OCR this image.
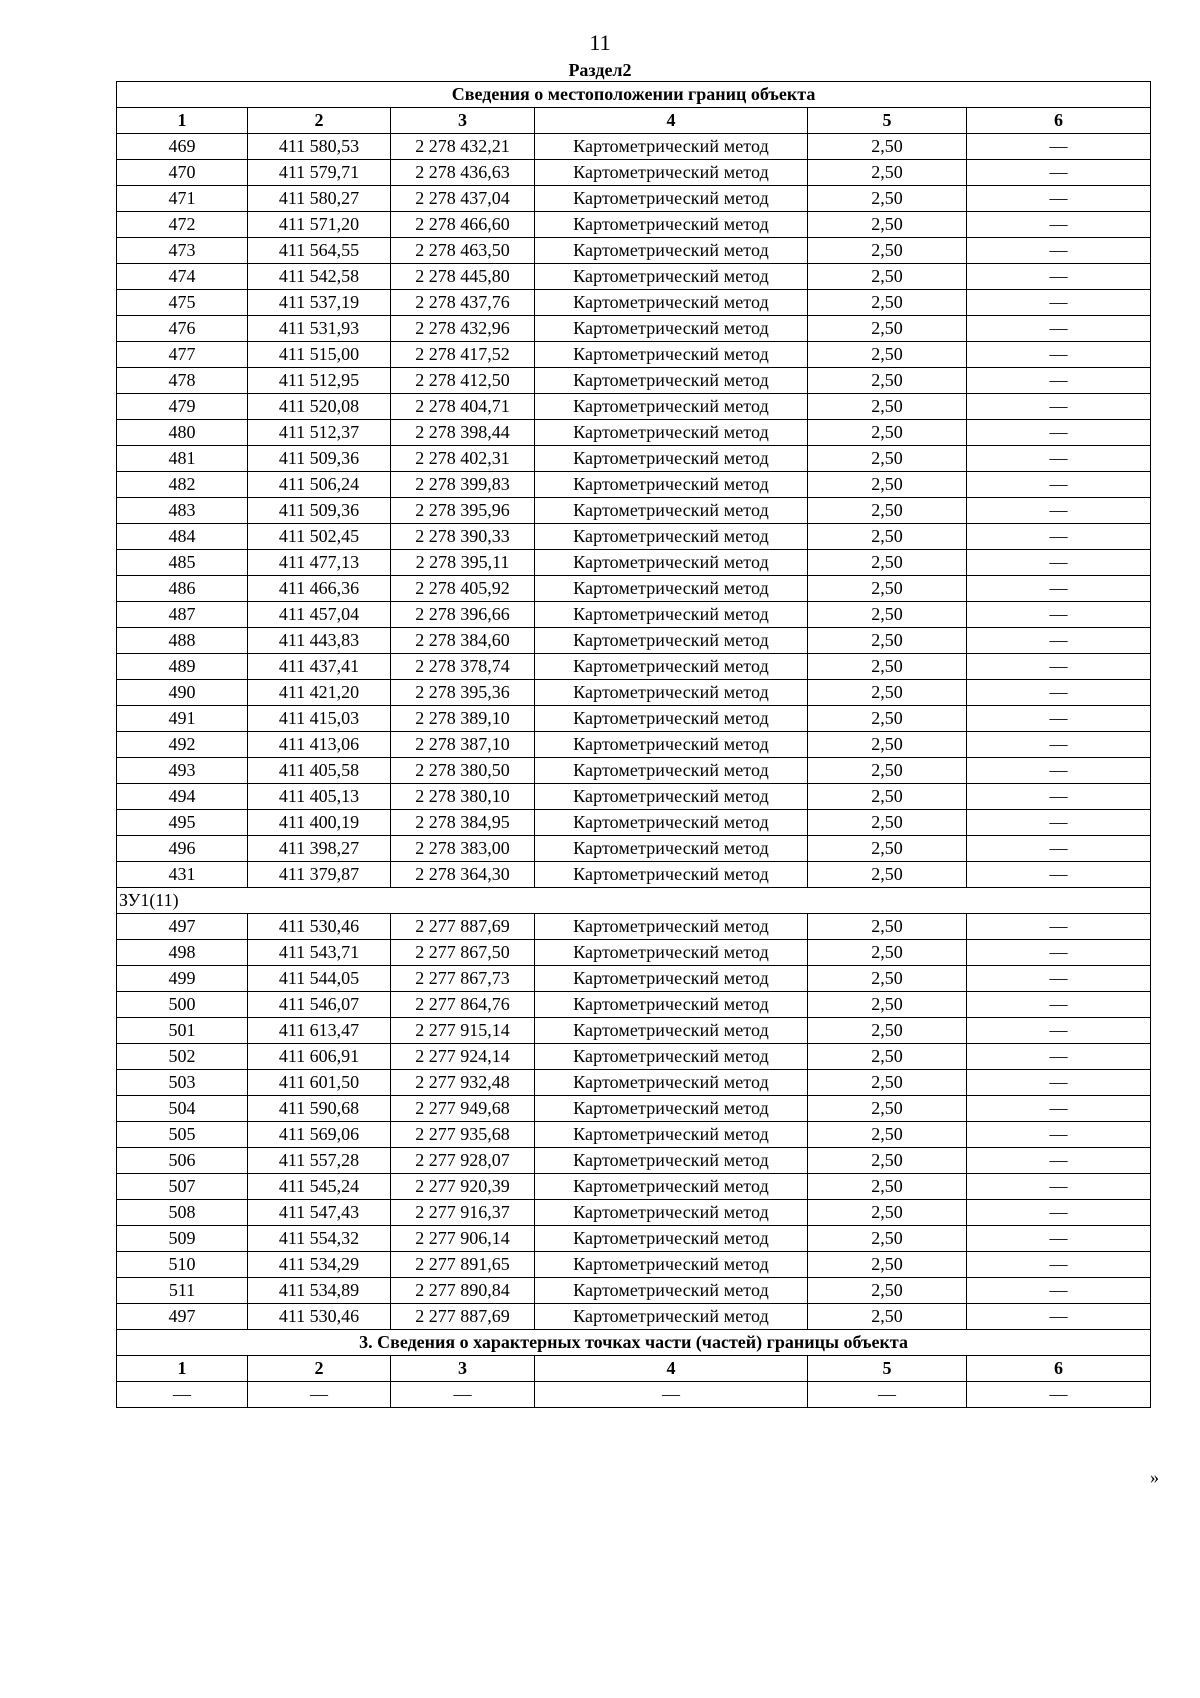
11
Раздел2
Сведения о местоположении границ объекта					
1	2	3	4	5	6
469	411 580,53	2 278 432,21	Картометрический метод	2,50	—
470	411 579,71	2 278 436,63	Картометрический метод	2,50	—
471	411 580,27	2 278 437,04	Картометрический метод	2,50	—
472	411 571,20	2 278 466,60	Картометрический метод	2,50	—
473	411 564,55	2 278 463,50	Картометрический метод	2,50	—
474	411 542,58	2 278 445,80	Картометрический метод	2,50	—
475	411 537,19	2 278 437,76	Картометрический метод	2,50	—
476	411 531,93	2 278 432,96	Картометрический метод	2,50	—
477	411 515,00	2 278 417,52	Картометрический метод	2,50	—
478	411 512,95	2 278 412,50	Картометрический метод	2,50	—
479	411 520,08	2 278 404,71	Картометрический метод	2,50	—
480	411 512,37	2 278 398,44	Картометрический метод	2,50	—
481	411 509,36	2 278 402,31	Картометрический метод	2,50	—
482	411 506,24	2 278 399,83	Картометрический метод	2,50	—
483	411 509,36	2 278 395,96	Картометрический метод	2,50	—
484	411 502,45	2 278 390,33	Картометрический метод	2,50	—
485	411 477,13	2 278 395,11	Картометрический метод	2,50	—
486	411 466,36	2 278 405,92	Картометрический метод	2,50	—
487	411 457,04	2 278 396,66	Картометрический метод	2,50	—
488	411 443,83	2 278 384,60	Картометрический метод	2,50	—
489	411 437,41	2 278 378,74	Картометрический метод	2,50	—
490	411 421,20	2 278 395,36	Картометрический метод	2,50	—
491	411 415,03	2 278 389,10	Картометрический метод	2,50	—
492	411 413,06	2 278 387,10	Картометрический метод	2,50	—
493	411 405,58	2 278 380,50	Картометрический метод	2,50	—
494	411 405,13	2 278 380,10	Картометрический метод	2,50	—
495	411 400,19	2 278 384,95	Картометрический метод	2,50	—
496	411 398,27	2 278 383,00	Картометрический метод	2,50	—
431	411 379,87	2 278 364,30	Картометрический метод	2,50	—
ЗУ1(11)					
497	411 530,46	2 277 887,69	Картометрический метод	2,50	—
498	411 543,71	2 277 867,50	Картометрический метод	2,50	—
499	411 544,05	2 277 867,73	Картометрический метод	2,50	—
500	411 546,07	2 277 864,76	Картометрический метод	2,50	—
501	411 613,47	2 277 915,14	Картометрический метод	2,50	—
502	411 606,91	2 277 924,14	Картометрический метод	2,50	—
503	411 601,50	2 277 932,48	Картометрический метод	2,50	—
504	411 590,68	2 277 949,68	Картометрический метод	2,50	—
505	411 569,06	2 277 935,68	Картометрический метод	2,50	—
506	411 557,28	2 277 928,07	Картометрический метод	2,50	—
507	411 545,24	2 277 920,39	Картометрический метод	2,50	—
508	411 547,43	2 277 916,37	Картометрический метод	2,50	—
509	411 554,32	2 277 906,14	Картометрический метод	2,50	—
510	411 534,29	2 277 891,65	Картометрический метод	2,50	—
511	411 534,89	2 277 890,84	Картометрический метод	2,50	—
497	411 530,46	2 277 887,69	Картометрический метод	2,50	—
3. Сведения о характерных точках части (частей) границы объекта					
1	2	3	4	5	6
—	—	—	—	—	—
»
